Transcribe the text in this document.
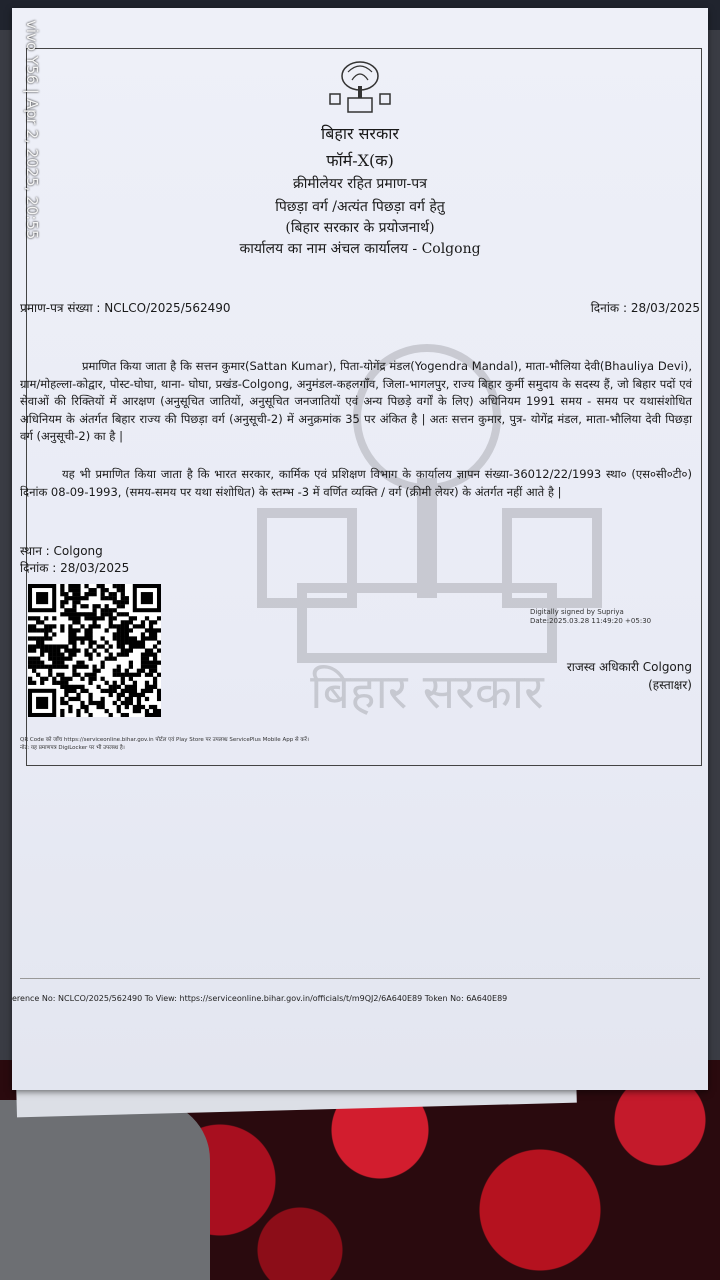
बिहार सरकार
बिहार सरकार
फॉर्म-X(क)
क्रीमीलेयर रहित प्रमाण-पत्र
पिछड़ा वर्ग /अत्यंत पिछड़ा वर्ग हेतु
(बिहार सरकार के प्रयोजनार्थ)
कार्यालय का नाम अंचल कार्यालय - Colgong
प्रमाण-पत्र संख्या : NCLCO/2025/562490	दिनांक : 28/03/2025
प्रमाणित किया जाता है कि सत्तन कुमार(Sattan Kumar), पिता-योगेंद्र मंडल(Yogendra Mandal), माता-भौलिया देवी(Bhauliya Devi), ग्राम/मोहल्ला-कोद्वार, पोस्ट-घोघा, थाना- घोघा, प्रखंड-Colgong, अनुमंडल-कहलगाँव, जिला-भागलपुर, राज्य बिहार कुर्मी समुदाय के सदस्य हैं, जो बिहार पदों एवं सेवाओं की रिक्तियों में आरक्षण (अनुसूचित जातियों, अनुसूचित जनजातियों एवं अन्य पिछड़े वर्गों के लिए) अधिनियम 1991 समय - समय पर यथासंशोधित अधिनियम के अंतर्गत बिहार राज्य की पिछड़ा वर्ग (अनुसूची-2) में अनुक्रमांक 35 पर अंकित है | अतः सत्तन कुमार, पुत्र- योगेंद्र मंडल, माता-भौलिया देवी पिछड़ा वर्ग (अनुसूची-2) का है |
यह भी प्रमाणित किया जाता है कि भारत सरकार, कार्मिक एवं प्रशिक्षण विभाग के कार्यालय ज्ञापन संख्या-36012/22/1993 स्था० (एस०सी०टी०) दिनांक 08-09-1993, (समय-समय पर यथा संशोधित) के स्तम्भ -3 में वर्णित व्यक्ति / वर्ग (क्रीमी लेयर) के अंतर्गत नहीं आते है |
स्थान : Colgong
दिनांक : 28/03/2025
Digitally signed by Supriya
Date:2025.03.28 11:49:20 +05:30
राजस्व अधिकारी Colgong
(हस्ताक्षर)
QR Code को जाँच https://serviceonline.bihar.gov.in पोर्टल एवं Play Store पर उपलब्ध ServicePlus Mobile App से करें।
नोट: यह प्रमाणपत्र DigiLocker पर भी उपलब्ध है।
erence No: NCLCO/2025/562490 To View: https://serviceonline.bihar.gov.in/officials/t/m9QJ2/6A640E89 Token No: 6A640E89
vivo Y56 | Apr 2, 2025, 20:55
